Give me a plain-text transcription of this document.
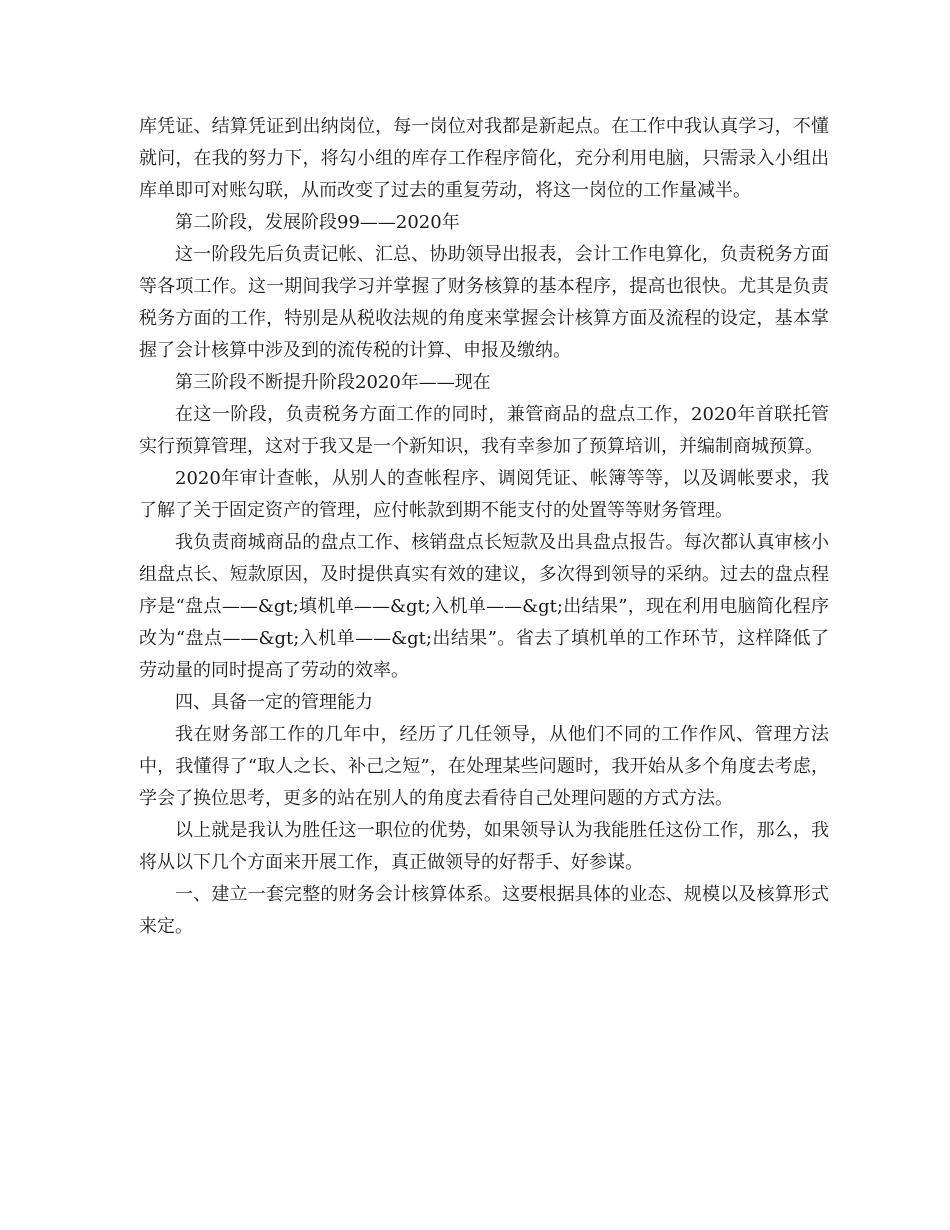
库凭证、结算凭证到出纳岗位，每一岗位对我都是新起点。在工作中我认真学习，不懂就问，在我的努力下，将勾小组的库存工作程序简化，充分利用电脑，只需录入小组出库单即可对账勾联，从而改变了过去的重复劳动，将这一岗位的工作量减半。

第二阶段，发展阶段99——2020年

这一阶段先后负责记帐、汇总、协助领导出报表，会计工作电算化，负责税务方面等各项工作。这一期间我学习并掌握了财务核算的基本程序，提高也很快。尤其是负责税务方面的工作，特别是从税收法规的角度来掌握会计核算方面及流程的设定，基本掌握了会计核算中涉及到的流传税的计算、申报及缴纳。

第三阶段不断提升阶段2020年——现在

在这一阶段，负责税务方面工作的同时，兼管商品的盘点工作，2020年首联托管实行预算管理，这对于我又是一个新知识，我有幸参加了预算培训，并编制商城预算。

2020年审计查帐，从别人的查帐程序、调阅凭证、帐簿等等，以及调帐要求，我了解了关于固定资产的管理，应付帐款到期不能支付的处置等等财务管理。

我负责商城商品的盘点工作、核销盘点长短款及出具盘点报告。每次都认真审核小组盘点长、短款原因，及时提供真实有效的建议，多次得到领导的采纳。过去的盘点程序是“盘点——&gt;填机单——&gt;入机单——&gt;出结果”，现在利用电脑简化程序改为“盘点——&gt;入机单——&gt;出结果”。省去了填机单的工作环节，这样降低了劳动量的同时提高了劳动的效率。

四、具备一定的管理能力

我在财务部工作的几年中，经历了几任领导，从他们不同的工作作风、管理方法中，我懂得了“取人之长、补己之短”，在处理某些问题时，我开始从多个角度去考虑，学会了换位思考，更多的站在别人的角度去看待自己处理问题的方式方法。

以上就是我认为胜任这一职位的优势，如果领导认为我能胜任这份工作，那么，我将从以下几个方面来开展工作，真正做领导的好帮手、好参谋。

一、建立一套完整的财务会计核算体系。这要根据具体的业态、规模以及核算形式来定。
